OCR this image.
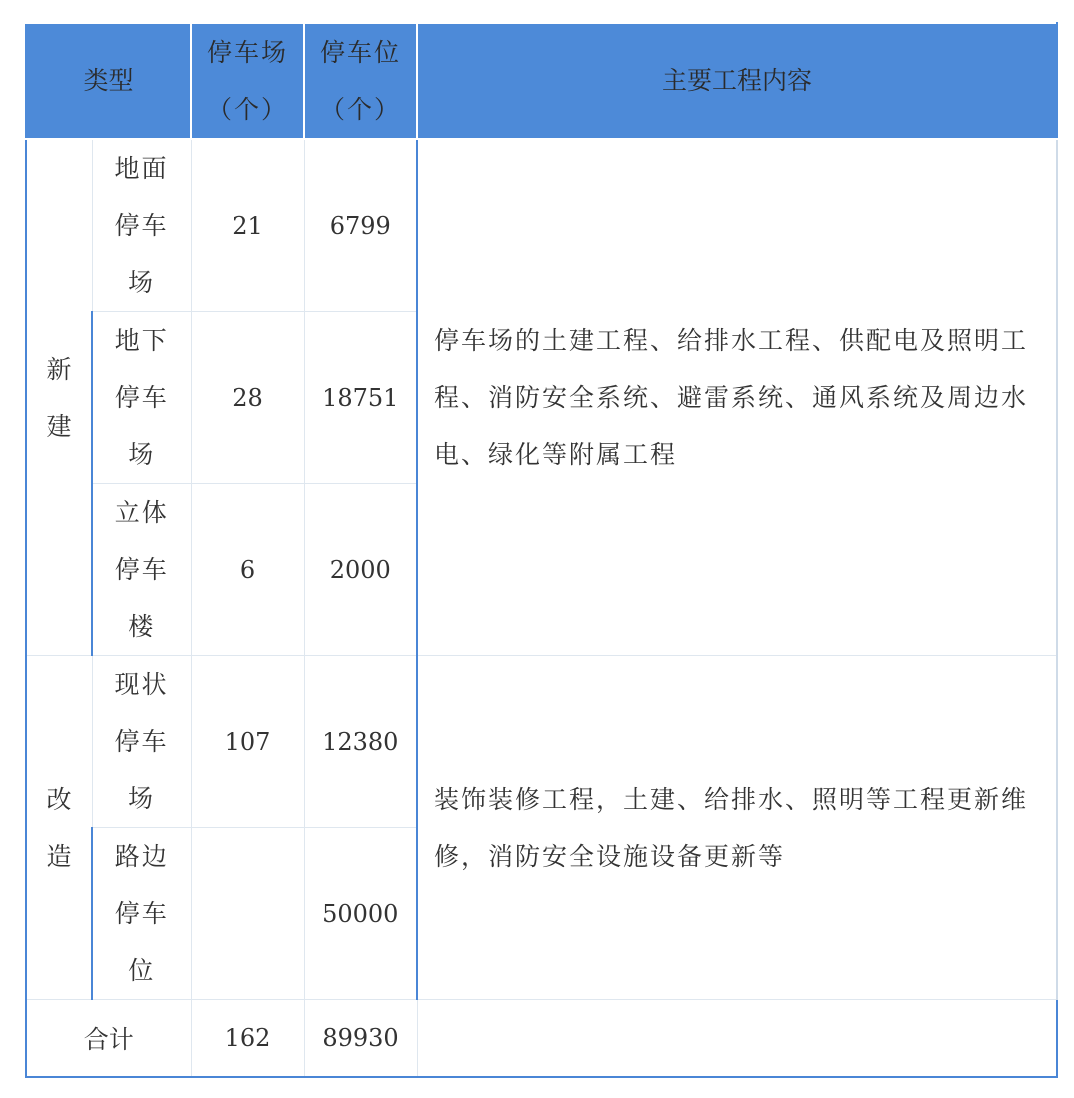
类型		停车场（个）	停车位（个）	主要工程内容
新建	地面停车场	21	6799	停车场的土建工程、给排水工程、供配电及照明工程、消防安全系统、避雷系统、通风系统及周边水电、绿化等附属工程
	地下停车场	28	18751	
	立体停车楼	6	2000	
改造	现状停车场	107	12380	装饰装修工程，土建、给排水、照明等工程更新维修，消防安全设施设备更新等
	路边停车位		50000	
合计		162	89930	
